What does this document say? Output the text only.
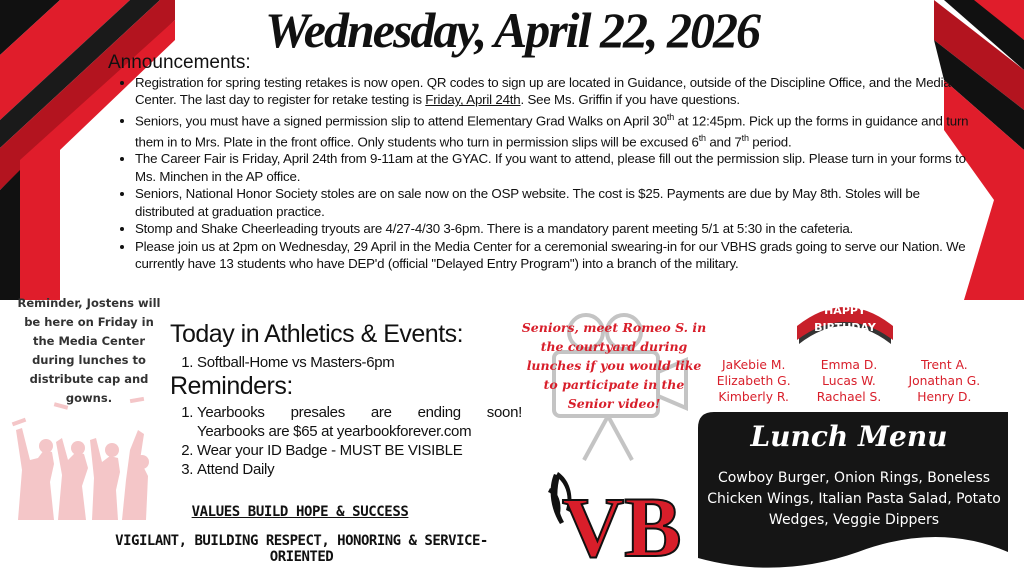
Wednesday, April 22, 2026
Announcements:
• Registration for spring testing retakes is now open. QR codes to sign up are located in Guidance, outside of the Discipline Office, and the Media Center. The last day to register for retake testing is Friday, April 24th. See Ms. Griffin if you have questions.
• Seniors, you must have a signed permission slip to attend Elementary Grad Walks on April 30th at 12:45pm. Pick up the forms in guidance and turn them in to Mrs. Plate in the front office. Only students who turn in permission slips will be excused 6th and 7th period.
• The Career Fair is Friday, April 24th from 9-11am at the GYAC. If you want to attend, please fill out the permission slip. Please turn in your forms to Ms. Minchen in the AP office.
• Seniors, National Honor Society stoles are on sale now on the OSP website. The cost is $25. Payments are due by May 8th. Stoles will be distributed at graduation practice.
• Stomp and Shake Cheerleading tryouts are 4/27-4/30 3-6pm. There is a mandatory parent meeting 5/1 at 5:30 in the cafeteria.
• Please join us at 2pm on Wednesday, 29 April in the Media Center for a ceremonial swearing-in for our VBHS grads going to serve our Nation. We currently have 13 students who have DEP'd (official "Delayed Entry Program") into a branch of the military.
Reminder, Jostens will be here on Friday in the Media Center during lunches to distribute cap and gowns.
Today in Athletics & Events:
1. Softball-Home vs Masters-6pm
Reminders:
1. Yearbooks presales are ending soon!
Yearbooks are $65 at yearbookforever.com
2. Wear your ID Badge - MUST BE VISIBLE
3. Attend Daily

VALUES BUILD HOPE & SUCCESS

VIGILANT, BUILDING RESPECT, HONORING & SERVICE-ORIENTED

Seniors, meet Romeo S. in the courtyard during lunches if you would like to participate in the Senior video!
HAPPY
BIRTHDAY
JaKebie M.	Emma D.	Trent A.
Elizabeth G.	Lucas W.	Jonathan G.
Kimberly R.	Rachael S.	Henry D.
Lunch Menu
Cowboy Burger, Onion Rings, Boneless Chicken Wings, Italian Pasta Salad, Potato Wedges, Veggie Dippers
VB
